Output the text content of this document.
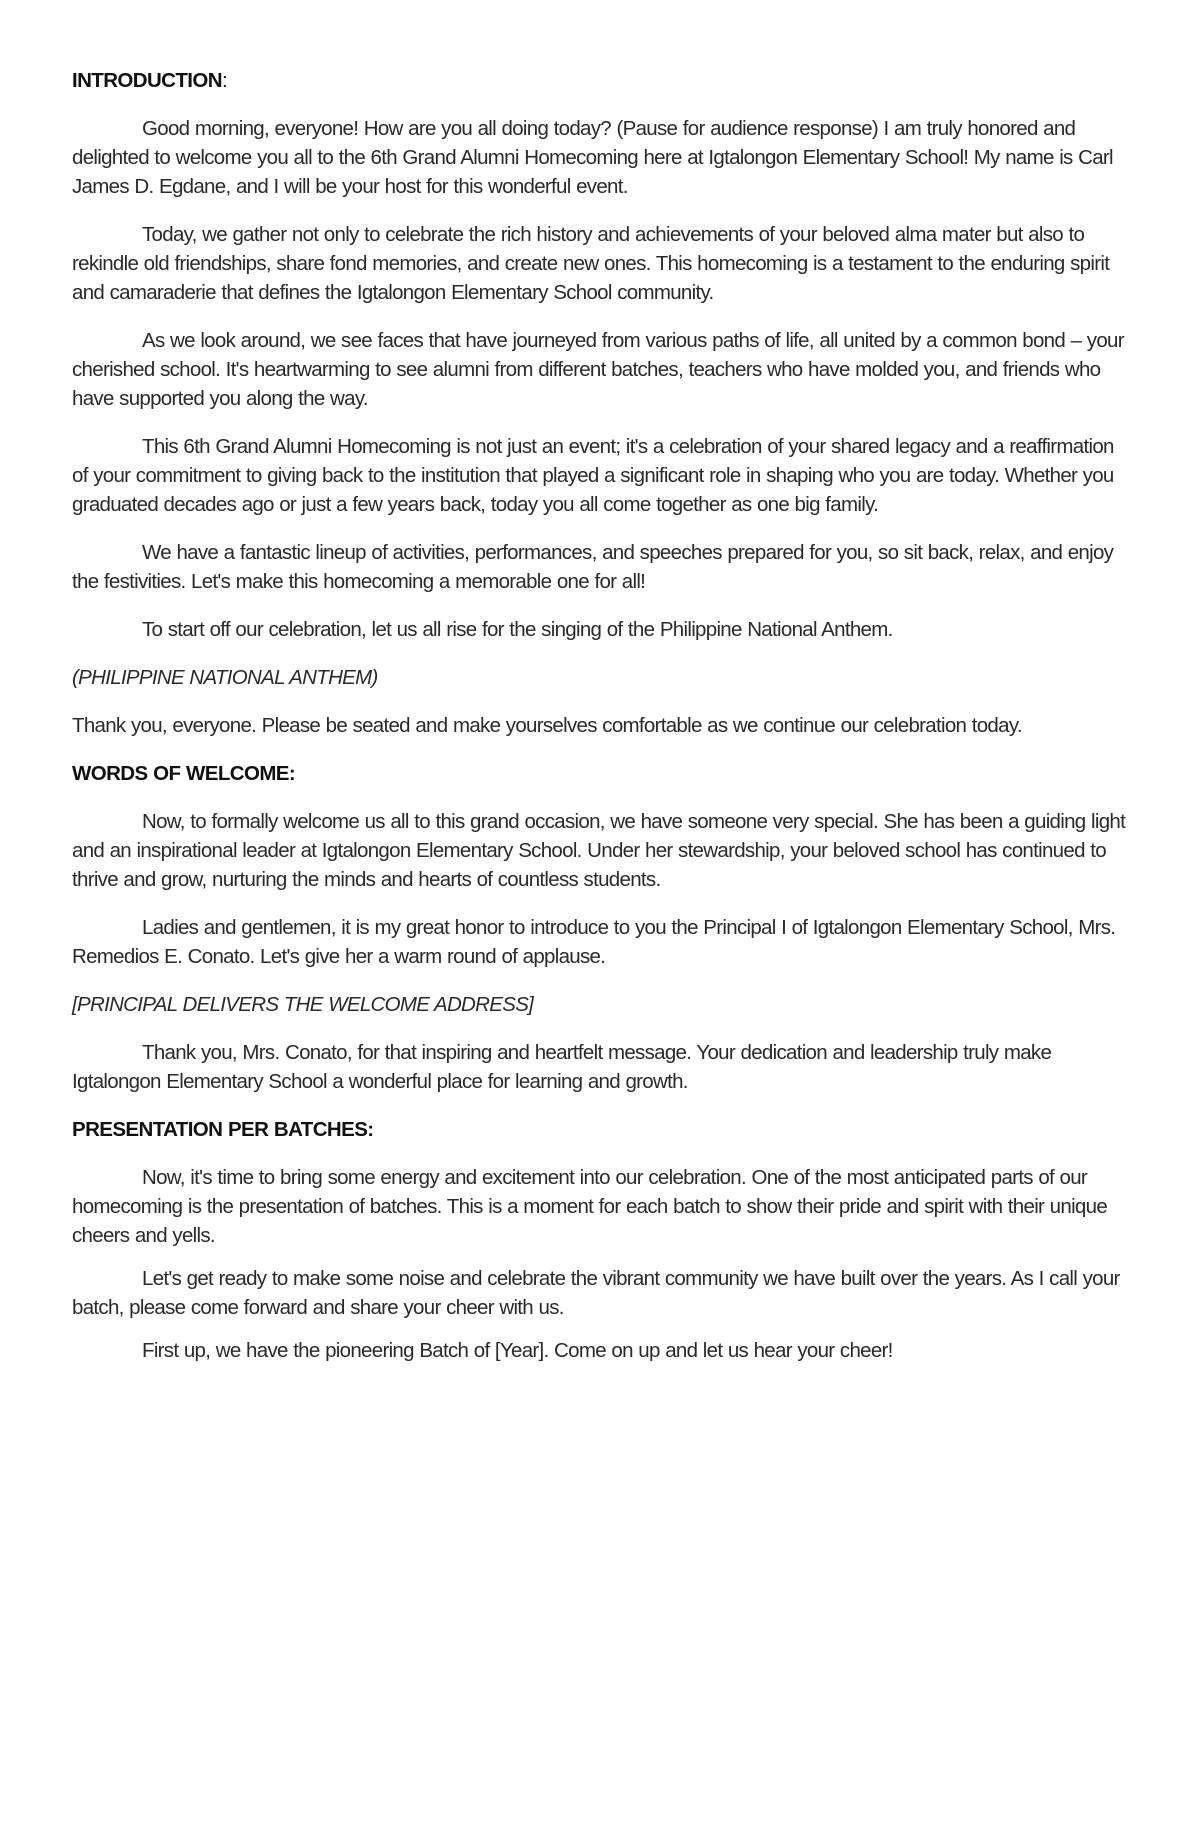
INTRODUCTION:

Good morning, everyone! How are you all doing today? (Pause for audience response) I am truly honored and delighted to welcome you all to the 6th Grand Alumni Homecoming here at Igtalongon Elementary School! My name is Carl James D. Egdane, and I will be your host for this wonderful event.

Today, we gather not only to celebrate the rich history and achievements of your beloved alma mater but also to rekindle old friendships, share fond memories, and create new ones. This homecoming is a testament to the enduring spirit and camaraderie that defines the Igtalongon Elementary School community.

As we look around, we see faces that have journeyed from various paths of life, all united by a common bond – your cherished school. It's heartwarming to see alumni from different batches, teachers who have molded you, and friends who have supported you along the way.

This 6th Grand Alumni Homecoming is not just an event; it's a celebration of your shared legacy and a reaffirmation of your commitment to giving back to the institution that played a significant role in shaping who you are today. Whether you graduated decades ago or just a few years back, today you all come together as one big family.

We have a fantastic lineup of activities, performances, and speeches prepared for you, so sit back, relax, and enjoy the festivities. Let's make this homecoming a memorable one for all!

To start off our celebration, let us all rise for the singing of the Philippine National Anthem.

(PHILIPPINE NATIONAL ANTHEM)

Thank you, everyone. Please be seated and make yourselves comfortable as we continue our celebration today.

WORDS OF WELCOME:

Now, to formally welcome us all to this grand occasion, we have someone very special. She has been a guiding light and an inspirational leader at Igtalongon Elementary School. Under her stewardship, your beloved school has continued to thrive and grow, nurturing the minds and hearts of countless students.

Ladies and gentlemen, it is my great honor to introduce to you the Principal I of Igtalongon Elementary School, Mrs. Remedios E. Conato. Let's give her a warm round of applause.

[PRINCIPAL DELIVERS THE WELCOME ADDRESS]

Thank you, Mrs. Conato, for that inspiring and heartfelt message. Your dedication and leadership truly make Igtalongon Elementary School a wonderful place for learning and growth.

PRESENTATION PER BATCHES:

Now, it's time to bring some energy and excitement into our celebration. One of the most anticipated parts of our homecoming is the presentation of batches. This is a moment for each batch to show their pride and spirit with their unique cheers and yells.

Let's get ready to make some noise and celebrate the vibrant community we have built over the years. As I call your batch, please come forward and share your cheer with us.

First up, we have the pioneering Batch of [Year]. Come on up and let us hear your cheer!
